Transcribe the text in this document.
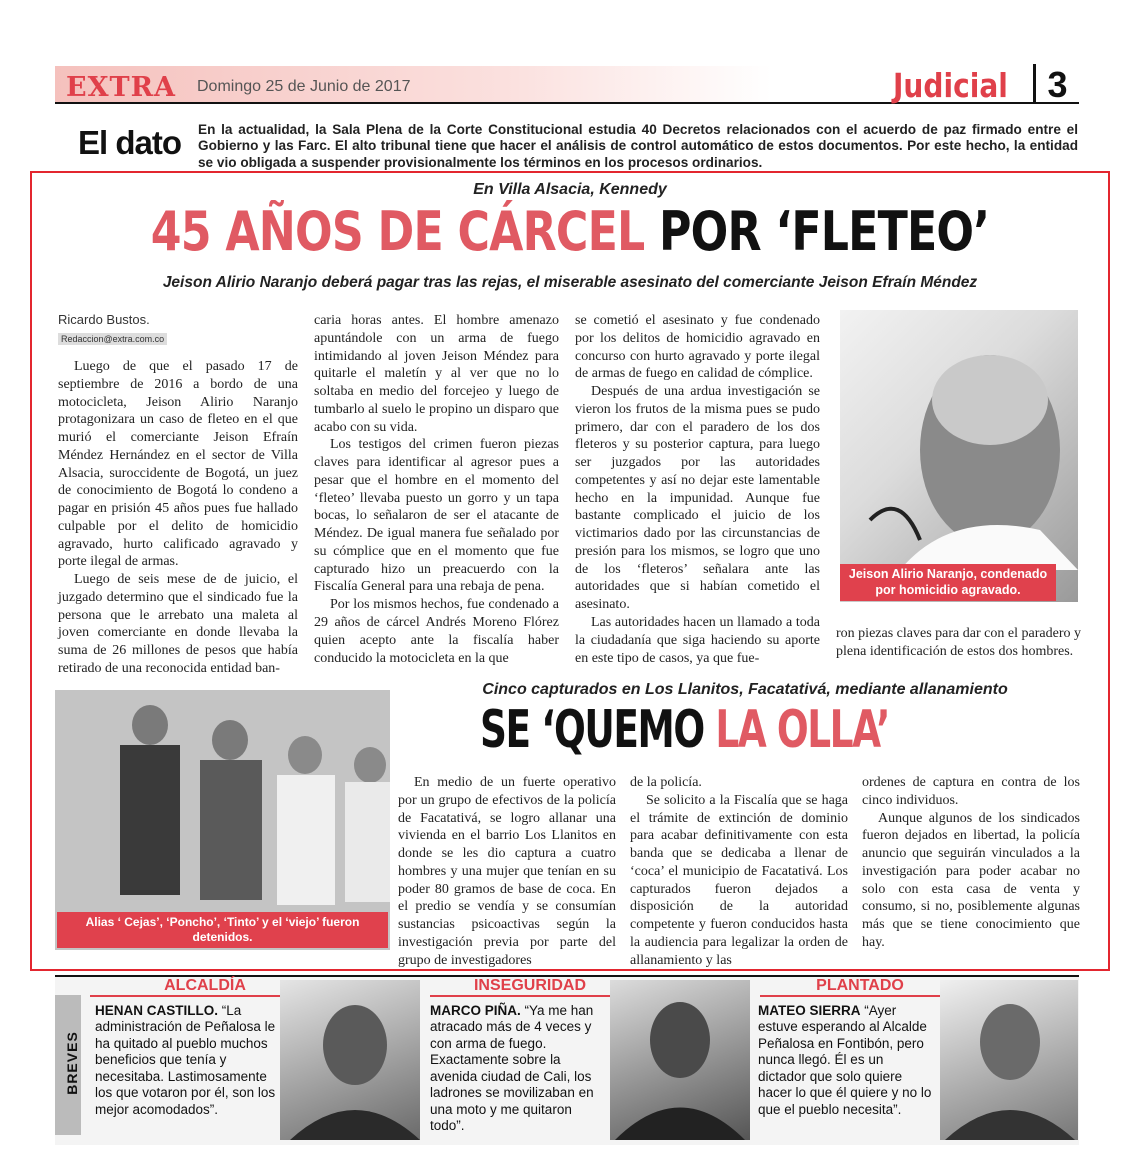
EXTRA Domingo 25 de Junio de 2017	Judicial	3
El dato En la actualidad, la Sala Plena de la Corte Constitucional estudia 40 Decretos relacionados con el acuerdo de paz firmado entre el Gobierno y las Farc. El alto tribunal tiene que hacer el análisis de control automático de estos documentos. Por este hecho, la entidad se vio obligada a suspender provisionalmente los términos en los procesos ordinarios.
En Villa Alsacia, Kennedy
45 AÑOS DE CÁRCEL POR ‘FLETEO’
Jeison Alirio Naranjo deberá pagar tras las rejas, el miserable asesinato del comerciante Jeison Efraín Méndez
Ricardo Bustos.
Redaccion@extra.com.co

Luego de que el pasado 17 de septiembre de 2016 a bordo de una motocicleta, Jeison Alirio Naranjo protagonizara un caso de fleteo en el que murió el comerciante Jeison Efraín Méndez Hernández en el sector de Villa Alsacia, suroccidente de Bogotá, un juez de conocimiento de Bogotá lo condeno a pagar en prisión 45 años pues fue hallado culpable por el delito de homicidio agravado, hurto calificado agravado y porte ilegal de armas.

Luego de seis mese de de juicio, el juzgado determino que el sindicado fue la persona que le arrebato una maleta al joven comerciante en donde llevaba la suma de 26 millones de pesos que había retirado de una reconocida entidad ban-

caria horas antes. El hombre amenazo apuntándole con un arma de fuego intimidando al joven Jeison Méndez para quitarle el maletín y al ver que no lo soltaba en medio del forcejeo y luego de tumbarlo al suelo le propino un disparo que acabo con su vida.

Los testigos del crimen fueron piezas claves para identificar al agresor pues a pesar que el hombre en el momento del ‘fleteo’ llevaba puesto un gorro y un tapa bocas, lo señalaron de ser el atacante de Méndez. De igual manera fue señalado por su cómplice que en el momento que fue capturado hizo un preacuerdo con la Fiscalía General para una rebaja de pena.

Por los mismos hechos, fue condenado a 29 años de cárcel Andrés Moreno Flórez quien acepto ante la fiscalía haber conducido la motocicleta en la que

se cometió el asesinato y fue condenado por los delitos de homicidio agravado en concurso con hurto agravado y porte ilegal de armas de fuego en calidad de cómplice.

Después de una ardua investigación se vieron los frutos de la misma pues se pudo primero, dar con el paradero de los dos fleteros y su posterior captura, para luego ser juzgados por las autoridades competentes y así no dejar este lamentable hecho en la impunidad. Aunque fue bastante complicado el juicio de los victimarios dado por las circunstancias de presión para los mismos, se logro que uno de los ‘fleteros’ señalara ante las autoridades que si habían cometido el asesinato.

Las autoridades hacen un llamado a toda la ciudadanía que siga haciendo su aporte en este tipo de casos, ya que fue-

Jeison Alirio Naranjo, condenado por homicidio agravado.

ron piezas claves para dar con el paradero y plena identificación de estos dos hombres.

Alias ‘ Cejas’, ‘Poncho’, ‘Tinto’ y el ‘viejo’ fueron detenidos.
Cinco capturados en Los Llanitos, Facatativá, mediante allanamiento
SE ‘QUEMO LA OLLA’

En medio de un fuerte operativo por un grupo de efectivos de la policía de Facatativá, se logro allanar una vivienda en el barrio Los Llanitos en donde se les dio captura a cuatro hombres y una mujer que tenían en su poder 80 gramos de base de coca. En el predio se vendía y se consumían sustancias psicoactivas según la investigación previa por parte del grupo de investigadores

de la policía.

Se solicito a la Fiscalía que se haga el trámite de extinción de dominio para acabar definitivamente con esta banda que se dedicaba a llenar de ‘coca’ el municipio de Facatativá. Los capturados fueron dejados a disposición de la autoridad competente y fueron conducidos hasta la audiencia para legalizar la orden de allanamiento y las

ordenes de captura en contra de los cinco individuos.

Aunque algunos de los sindicados fueron dejados en libertad, la policía anuncio que seguirán vinculados a la investigación para poder acabar no solo con esta casa de venta y consumo, si no, posiblemente algunas más que se tiene conocimiento que hay.

BREVES
ALCALDÍA
HENAN CASTILLO. “La administración de Peñalosa le ha quitado al pueblo muchos beneficios que tenía y necesitaba. Lastimosamente los que votaron por él, son los mejor acomodados”.
INSEGURIDAD
MARCO PIÑA. “Ya me han atracado más de 4 veces y con arma de fuego. Exactamente sobre la avenida ciudad de Cali, los ladrones se movilizaban en una moto y me quitaron todo”.
PLANTADO
MATEO SIERRA “Ayer estuve esperando al Alcalde Peñalosa en Fontibón, pero nunca llegó. Él es un dictador que solo quiere hacer lo que él quiere y no lo que el pueblo necesita”.
